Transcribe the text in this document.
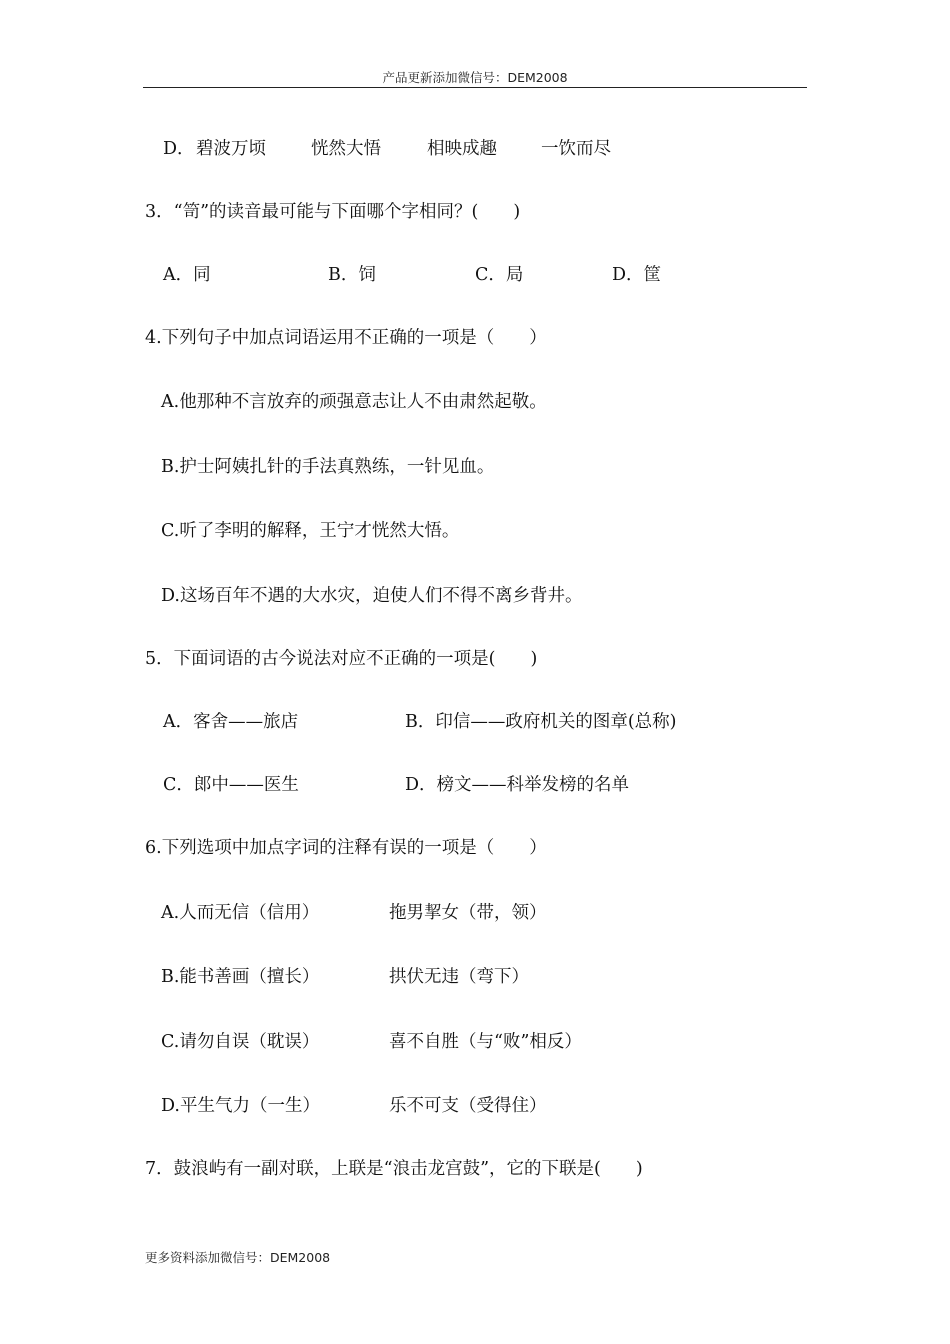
产品更新添加微信号：DEM2008
D． 碧波万顷	恍然大悟	相映成趣	一饮而尽
3．“笥”的读音最可能与下面哪个字相同？(　　)
A．同	B．饲	C．局	D．筐
4.下列句子中加点词语运用不正确的一项是（　　）
A.他那种不言放弃的顽强意志让人不由肃然起敬。
B.护士阿姨扎针的手法真熟练，一针见血。
C.听了李明的解释，王宁才恍然大悟。
D.这场百年不遇的大水灾，迫使人们不得不离乡背井。
5．下面词语的古今说法对应不正确的一项是(　　)
A．客舍——旅店	B．印信——政府机关的图章(总称)
C．郎中——医生	D．榜文——科举发榜的名单
6.下列选项中加点字词的注释有误的一项是（　　）
A.人而无信（信用）	拖男挈女（带，领）
B.能书善画（擅长）	拱伏无违（弯下）
C.请勿自误（耽误）	喜不自胜（与“败”相反）
D.平生气力（一生）	乐不可支（受得住）
7．鼓浪屿有一副对联，上联是“浪击龙宫鼓”，它的下联是(　　)
更多资料添加微信号：DEM2008
